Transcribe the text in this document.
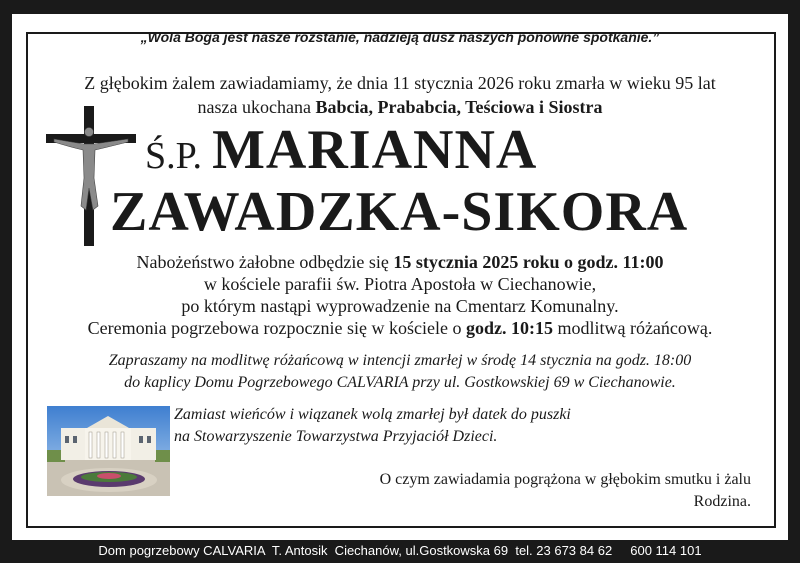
„Wola Boga jest nasze rozstanie, nadzieją dusz naszych ponowne spotkanie.”
Z głębokim żalem zawiadamiamy, że dnia 11 stycznia 2026 roku zmarła w wieku 95 lat
nasza ukochana Babcia, Prababcia, Teściowa i Siostra
Ś.P. MARIANNA
ZAWADZKA-SIKORA
Nabożeństwo żałobne odbędzie się 15 stycznia 2025 roku o godz. 11:00
w kościele parafii św. Piotra Apostoła w Ciechanowie,
po którym nastąpi wyprowadzenie na Cmentarz Komunalny.
Ceremonia pogrzebowa rozpocznie się w kościele o godz. 10:15 modlitwą różańcową.
Zapraszamy na modlitwę różańcową w intencji zmarłej w środę 14 stycznia na godz. 18:00
do kaplicy Domu Pogrzebowego CALVARIA przy ul. Gostkowskiej 69 w Ciechanowie.
Zamiast wieńców i wiązanek wolą zmarłej był datek do puszki
na Stowarzyszenie Towarzystwa Przyjaciół Dzieci.
O czym zawiadamia pogrążona w głębokim smutku i żalu
Rodzina.
Dom pogrzebowy CALVARIA  T. Antosik  Ciechanów, ul.Gostkowska 69  tel. 23 673 84 62     600 114 101
